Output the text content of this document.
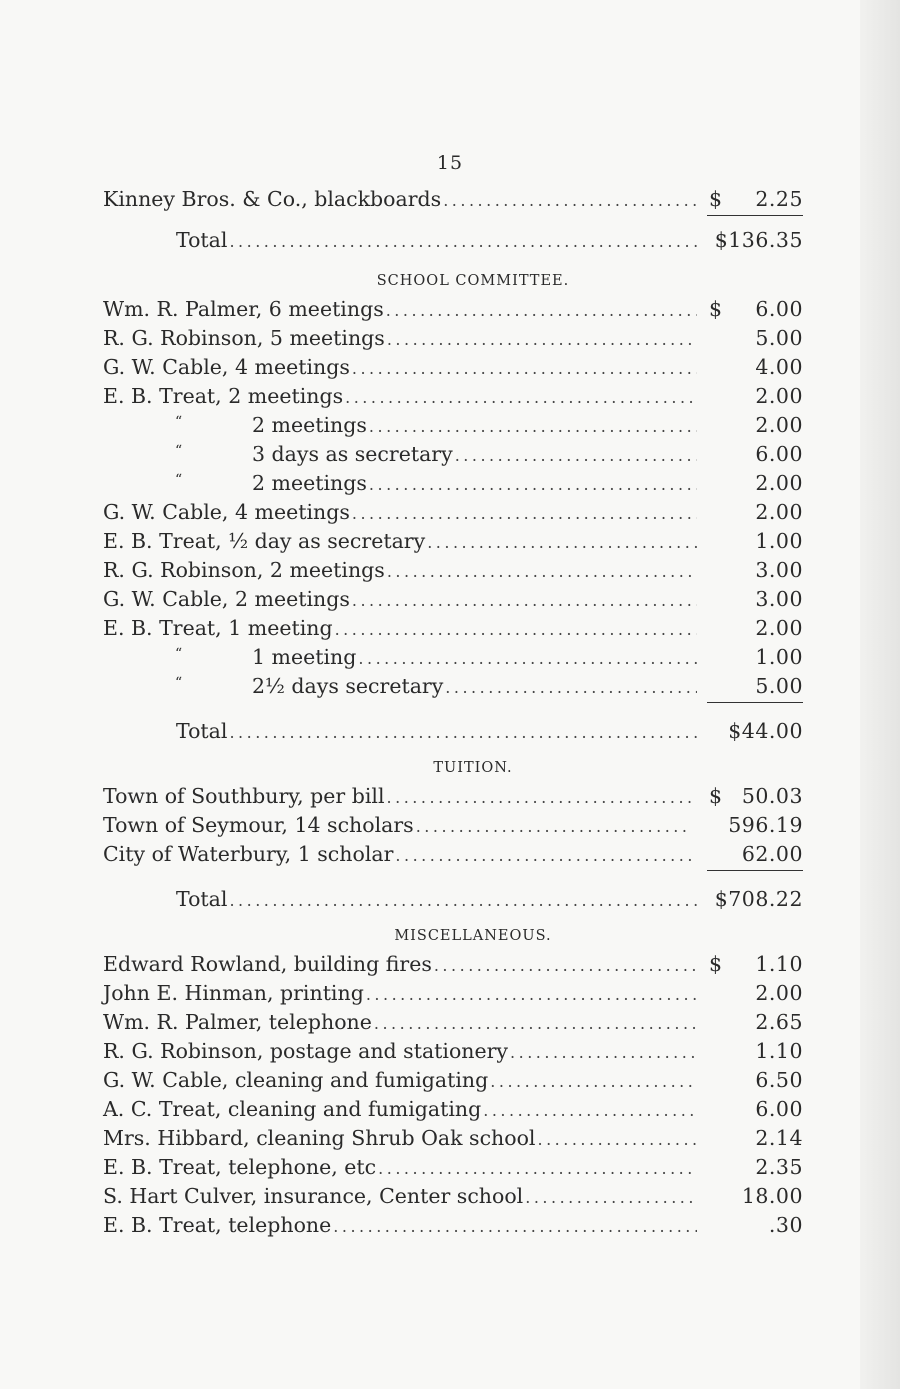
15
Kinney Bros. & Co., blackboards .....	$	2.25
Total .....	$136.35
SCHOOL COMMITTEE.
Wm. R. Palmer, 6 meetings .....	$	6.00
R. G. Robinson, 5 meetings .....	5.00
G. W. Cable, 4 meetings .....	4.00
E. B. Treat, 2 meetings .....	2.00
“	2 meetings .....	2.00
“	3 days as secretary .....	6.00
“	2 meetings .....	2.00
G. W. Cable, 4 meetings .....	2.00
E. B. Treat, ½ day as secretary .....	1.00
R. G. Robinson, 2 meetings .....	3.00
G. W. Cable, 2 meetings .....	3.00
E. B. Treat, 1 meeting .....	2.00
“	1 meeting .....	1.00
“	2½ days secretary .....	5.00
Total .....	$44.00
TUITION.
Town of Southbury, per bill .....	$ 50.03
Town of Seymour, 14 scholars .....	596.19
City of Waterbury, 1 scholar .....	62.00
Total .....	$708.22
MISCELLANEOUS.
Edward Rowland, building fires .....	$	1.10
John E. Hinman, printing .....	2.00
Wm. R. Palmer, telephone .....	2.65
R. G. Robinson, postage and stationery .....	1.10
G. W. Cable, cleaning and fumigating .....	6.50
A. C. Treat, cleaning and fumigating .....	6.00
Mrs. Hibbard, cleaning Shrub Oak school .....	2.14
E. B. Treat, telephone, etc .....	2.35
S. Hart Culver, insurance, Center school .....	18.00
E. B. Treat, telephone .....	.30
